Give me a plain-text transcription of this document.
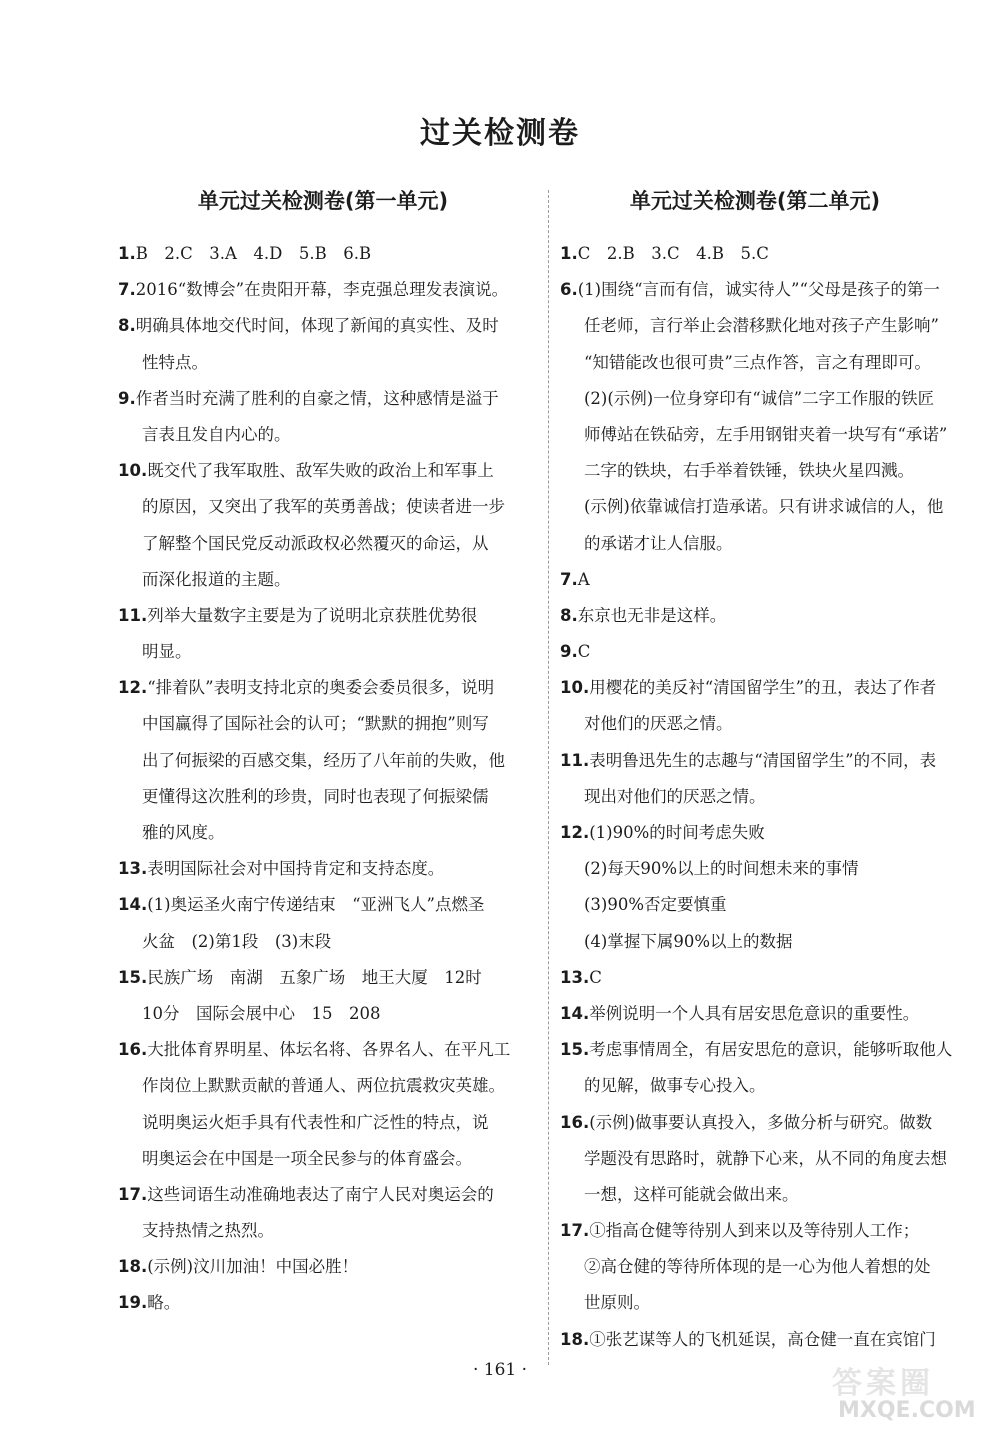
过关检测卷
单元过关检测卷(第一单元)
1.B　2.C　3.A　4.D　5.B　6.B
7.2016“数博会”在贵阳开幕，李克强总理发表演说。
8.明确具体地交代时间，体现了新闻的真实性、及时
性特点。
9.作者当时充满了胜利的自豪之情，这种感情是溢于
言表且发自内心的。
10.既交代了我军取胜、敌军失败的政治上和军事上
的原因，又突出了我军的英勇善战；使读者进一步
了解整个国民党反动派政权必然覆灭的命运，从
而深化报道的主题。
11.列举大量数字主要是为了说明北京获胜优势很
明显。
12.“排着队”表明支持北京的奥委会委员很多，说明
中国赢得了国际社会的认可；“默默的拥抱”则写
出了何振梁的百感交集，经历了八年前的失败，他
更懂得这次胜利的珍贵，同时也表现了何振梁儒
雅的风度。
13.表明国际社会对中国持肯定和支持态度。
14.(1)奥运圣火南宁传递结束　“亚洲飞人”点燃圣
火盆　(2)第1段　(3)末段
15.民族广场　南湖　五象广场　地王大厦　12时
10分　国际会展中心　15　208
16.大批体育界明星、体坛名将、各界名人、在平凡工
作岗位上默默贡献的普通人、两位抗震救灾英雄。
说明奥运火炬手具有代表性和广泛性的特点，说
明奥运会在中国是一项全民参与的体育盛会。
17.这些词语生动准确地表达了南宁人民对奥运会的
支持热情之热烈。
18.(示例)汶川加油！中国必胜！
19.略。
单元过关检测卷(第二单元)
1.C　2.B　3.C　4.B　5.C
6.(1)围绕“言而有信，诚实待人”“父母是孩子的第一
任老师，言行举止会潜移默化地对孩子产生影响”
“知错能改也很可贵”三点作答，言之有理即可。
(2)(示例)一位身穿印有“诚信”二字工作服的铁匠
师傅站在铁砧旁，左手用钢钳夹着一块写有“承诺”
二字的铁块，右手举着铁锤，铁块火星四溅。
(示例)依靠诚信打造承诺。只有讲求诚信的人，他
的承诺才让人信服。
7.A
8.东京也无非是这样。
9.C
10.用樱花的美反衬“清国留学生”的丑，表达了作者
对他们的厌恶之情。
11.表明鲁迅先生的志趣与“清国留学生”的不同，表
现出对他们的厌恶之情。
12.(1)90%的时间考虑失败
(2)每天90%以上的时间想未来的事情
(3)90%否定要慎重
(4)掌握下属90%以上的数据
13.C
14.举例说明一个人具有居安思危意识的重要性。
15.考虑事情周全，有居安思危的意识，能够听取他人
的见解，做事专心投入。
16.(示例)做事要认真投入，多做分析与研究。做数
学题没有思路时，就静下心来，从不同的角度去想
一想，这样可能就会做出来。
17.①指高仓健等待别人到来以及等待别人工作；
②高仓健的等待所体现的是一心为他人着想的处
世原则。
18.①张艺谋等人的飞机延误，高仓健一直在宾馆门
· 161 ·	答案圈
MXQE.COM
